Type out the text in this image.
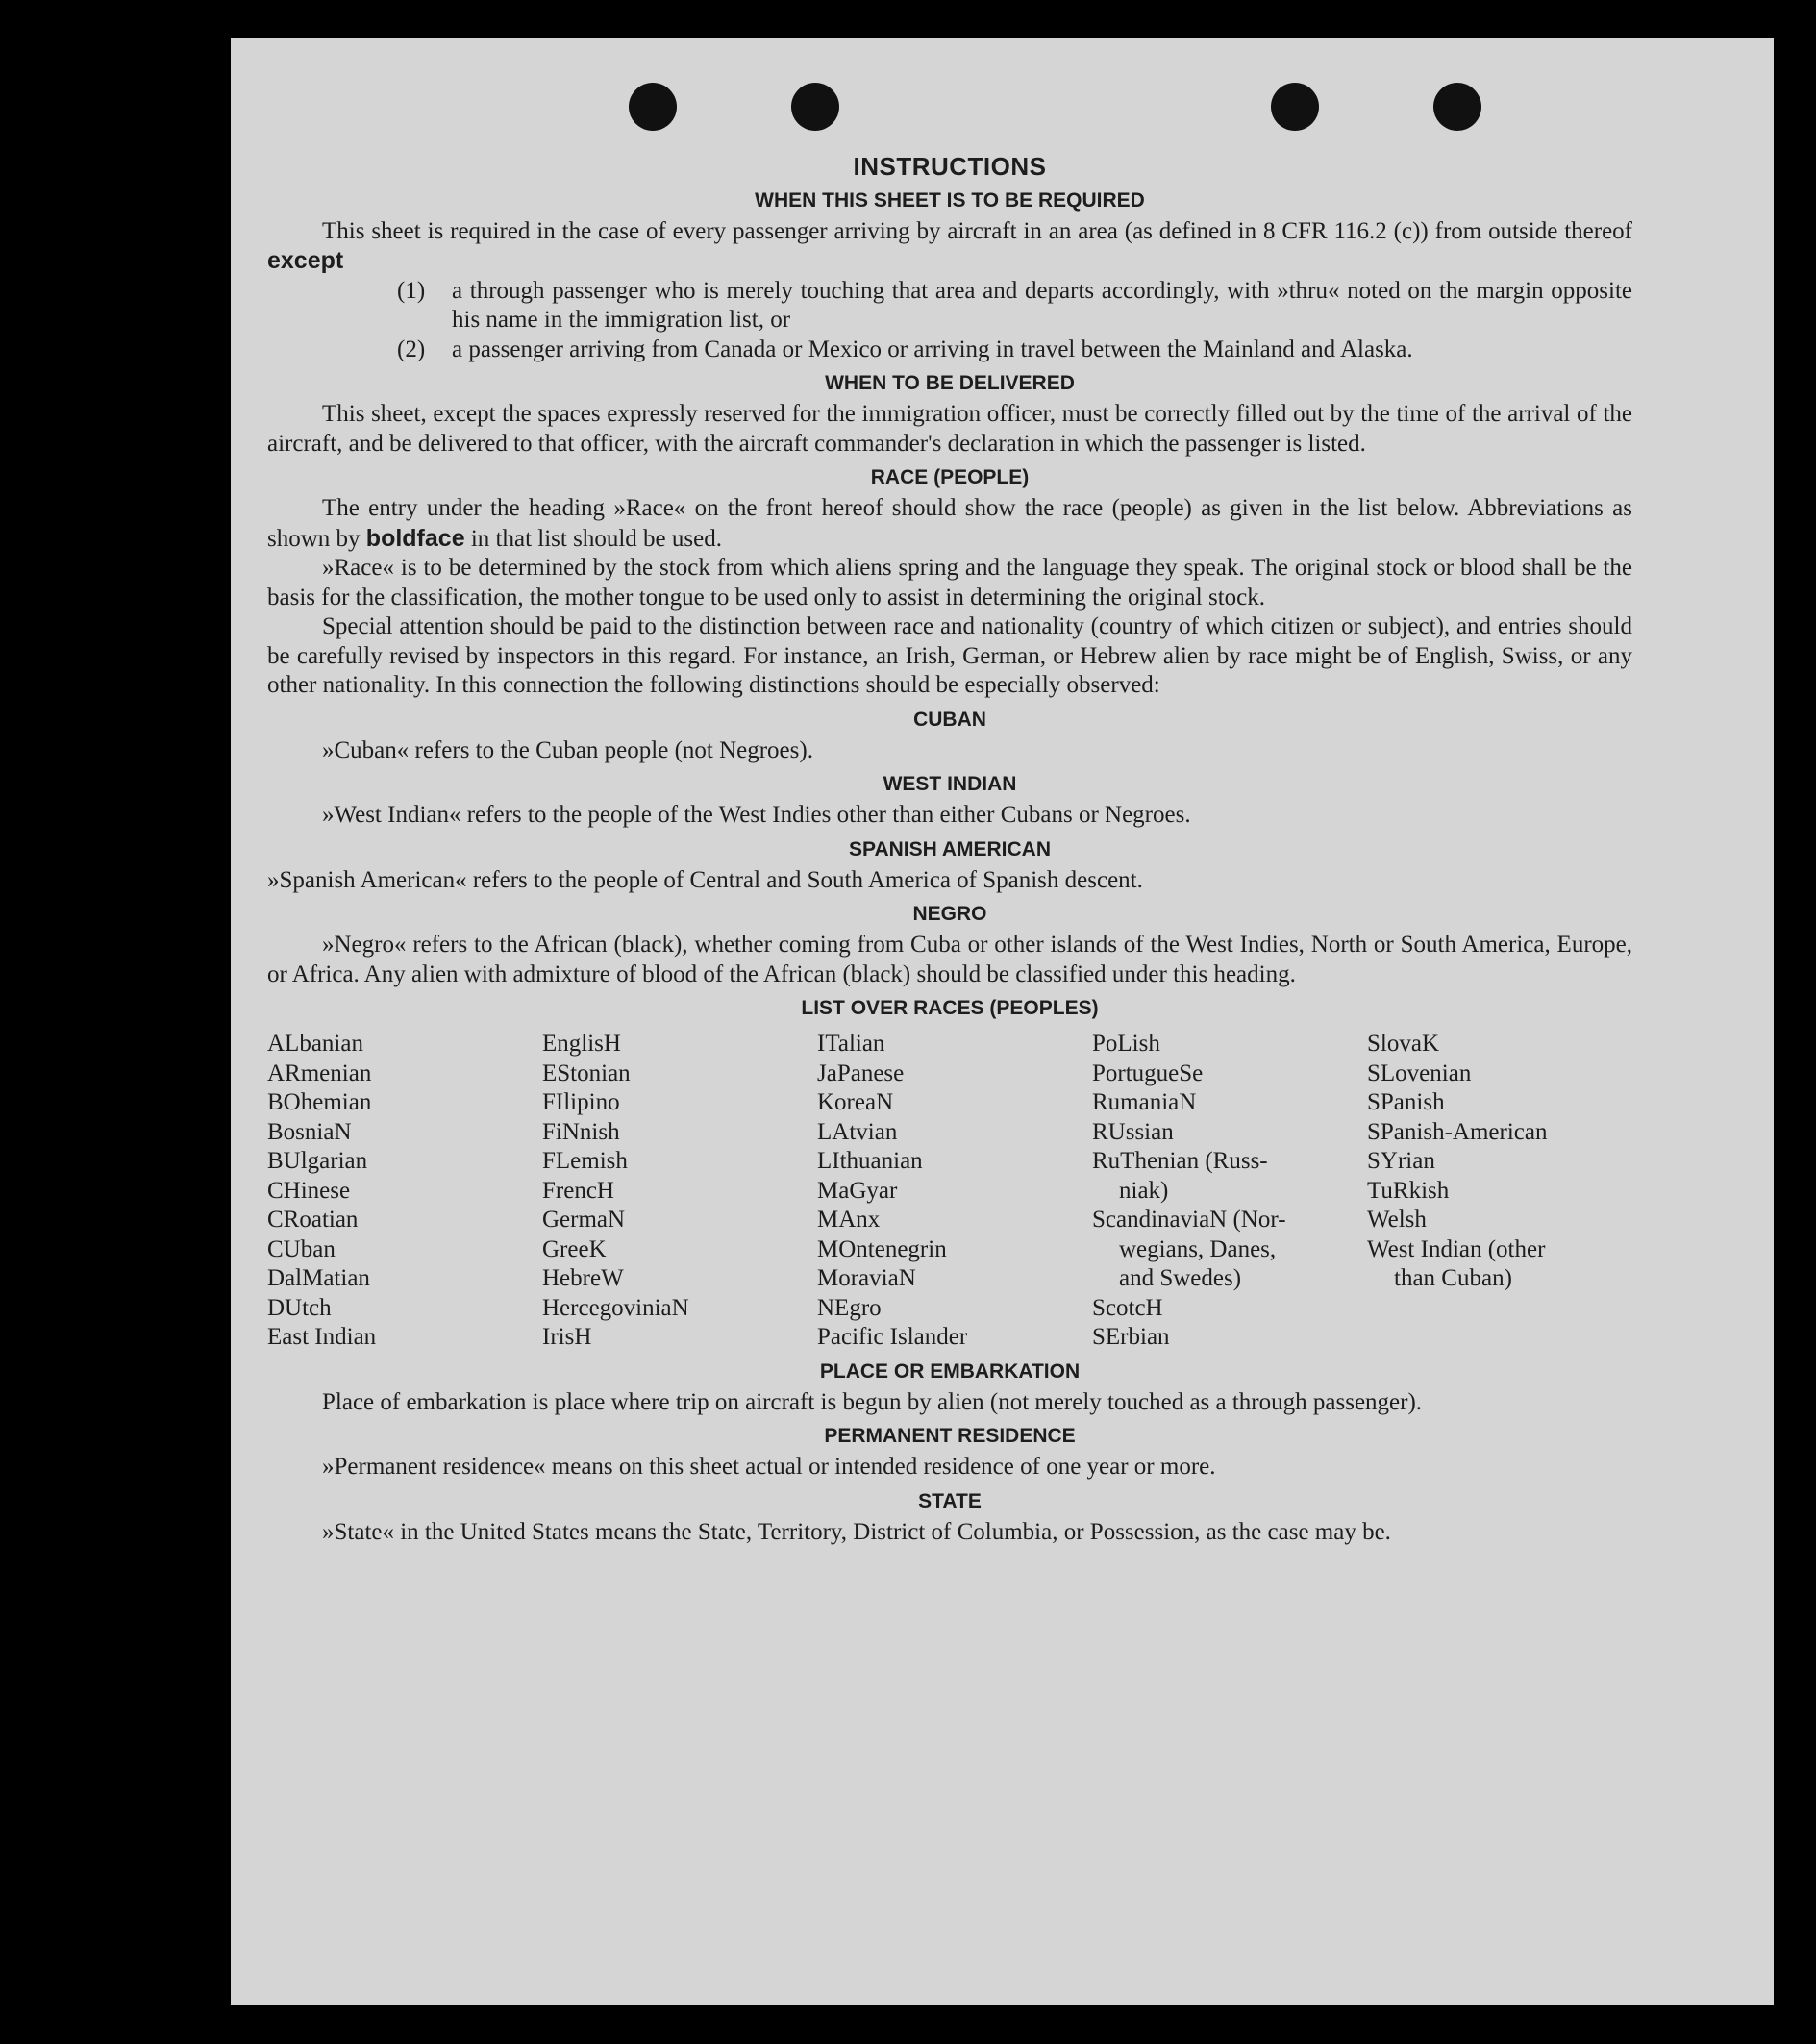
INSTRUCTIONS
WHEN THIS SHEET IS TO BE REQUIRED

This sheet is required in the case of every passenger arriving by aircraft in an area (as defined in 8 CFR 116.2 (c)) from outside thereof except

(1) a through passenger who is merely touching that area and departs accordingly, with »thru« noted on the margin opposite his name in the immigration list, or

(2) a passenger arriving from Canada or Mexico or arriving in travel between the Mainland and Alaska.

WHEN TO BE DELIVERED

This sheet, except the spaces expressly reserved for the immigration officer, must be correctly filled out by the time of the arrival of the aircraft, and be delivered to that officer, with the aircraft commander's declaration in which the passenger is listed.

RACE (PEOPLE)

The entry under the heading »Race« on the front hereof should show the race (people) as given in the list below. Abbreviations as shown by boldface in that list should be used.

»Race« is to be determined by the stock from which aliens spring and the language they speak. The original stock or blood shall be the basis for the classification, the mother tongue to be used only to assist in determining the original stock.

Special attention should be paid to the distinction between race and nationality (country of which citizen or subject), and entries should be carefully revised by inspectors in this regard. For instance, an Irish, German, or Hebrew alien by race might be of English, Swiss, or any other nationality. In this connection the following distinctions should be especially observed:

CUBAN

»Cuban« refers to the Cuban people (not Negroes).

WEST INDIAN

»West Indian« refers to the people of the West Indies other than either Cubans or Negroes.

SPANISH AMERICAN

»Spanish American« refers to the people of Central and South America of Spanish descent.

NEGRO

»Negro« refers to the African (black), whether coming from Cuba or other islands of the West Indies, North or South America, Europe, or Africa. Any alien with admixture of blood of the African (black) should be classified under this heading.

LIST OVER RACES (PEOPLES)
ALbanian
ARmenian
BOhemian
BosniaN
BUlgarian
CHinese
CRoatian
CUban
DalMatian
DUtch
East Indian
EnglisH
EStonian
FIlipino
FiNnish
FLemish
FrencH
GermaN
GreeK
HebreW
HercegoviniaN
IrisH
ITalian
JaPanese
KoreaN
LAtvian
LIthuanian
MaGyar
MAnx
MOntenegrin
MoraviaN
NEgro
Pacific Islander
PoLish
PortugueSe
RumaniaN
RUssian
RuThenian (Russ-
niak)
ScandinaviaN (Nor-
wegians, Danes,
and Swedes)
ScotcH
SErbian
SlovaK
SLovenian
SPanish
SPanish-American
SYrian
TuRkish
Welsh
West Indian (other
than Cuban)
PLACE OR EMBARKATION

Place of embarkation is place where trip on aircraft is begun by alien (not merely touched as a through passenger).

PERMANENT RESIDENCE

»Permanent residence« means on this sheet actual or intended residence of one year or more.

STATE

»State« in the United States means the State, Territory, District of Columbia, or Possession, as the case may be.
